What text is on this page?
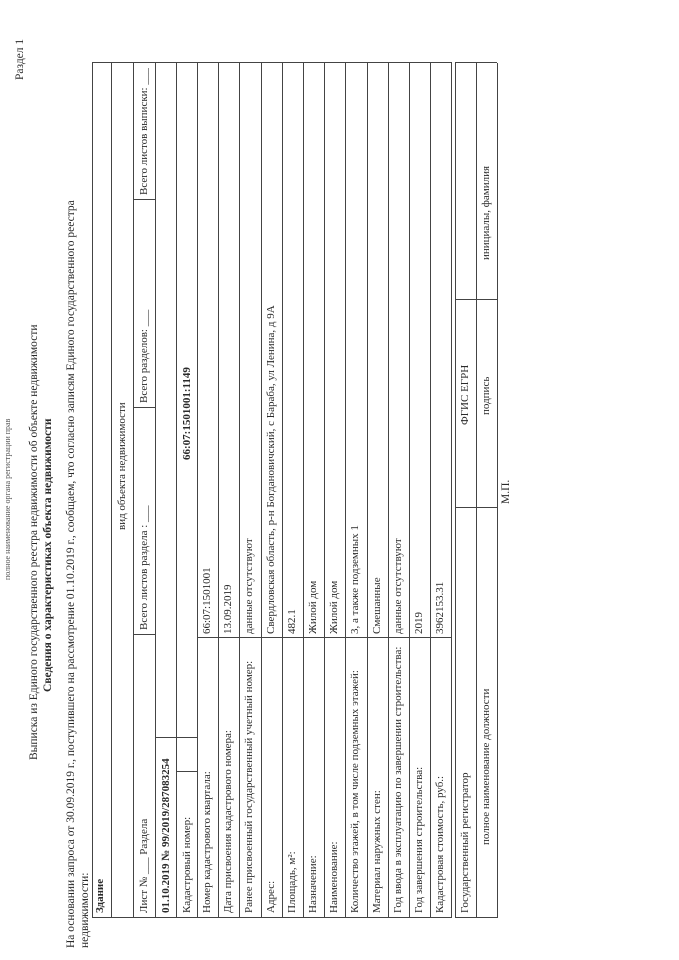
полное наименование органа регистрации прав
Раздел 1
Выписка из Единого государственного реестра недвижимости об объекте недвижимости Сведения о характеристиках объекта недвижимости На основании запроса от 30.09.2019 г., поступившего на рассмотрение 01.10.2019 г., сообщаем, что согласно записям Единого государственного реестра недвижимости: Здание
вид объекта недвижимости
Лист № ___ Раздела
Всего листов раздела : ___
Всего разделов: ___
Всего листов выписки: ___
01.10.2019 № 99/2019/287083254 Кадастровый номер:
66:07:1501001:1149
Номер кадастрового квартала:
66:07:1501001
Дата присвоения кадастрового номера:
13.09.2019
Ранее присвоенный государственный учетный номер:
данные отсутствуют
Адрес:
Свердловская область, р-н Богдановичский, с Бараба, ул Ленина, д 9А
Площадь, м²:
482.1
Назначение:
Жилой дом
Наименование:
Жилой дом
Количество этажей, в том числе подземных этажей:
3, а также подземных 1
Материал наружных стен:
Смешанные
Год ввода в эксплуатацию по завершении строительства:
данные отсутствуют
Год завершения строительства:
2019
Кадастровая стоимость, руб.:
3962153.31
Государственный регистратор
ФГИС ЕГРН
полное наименование должности
подпись
инициалы, фамилия
М.П.
